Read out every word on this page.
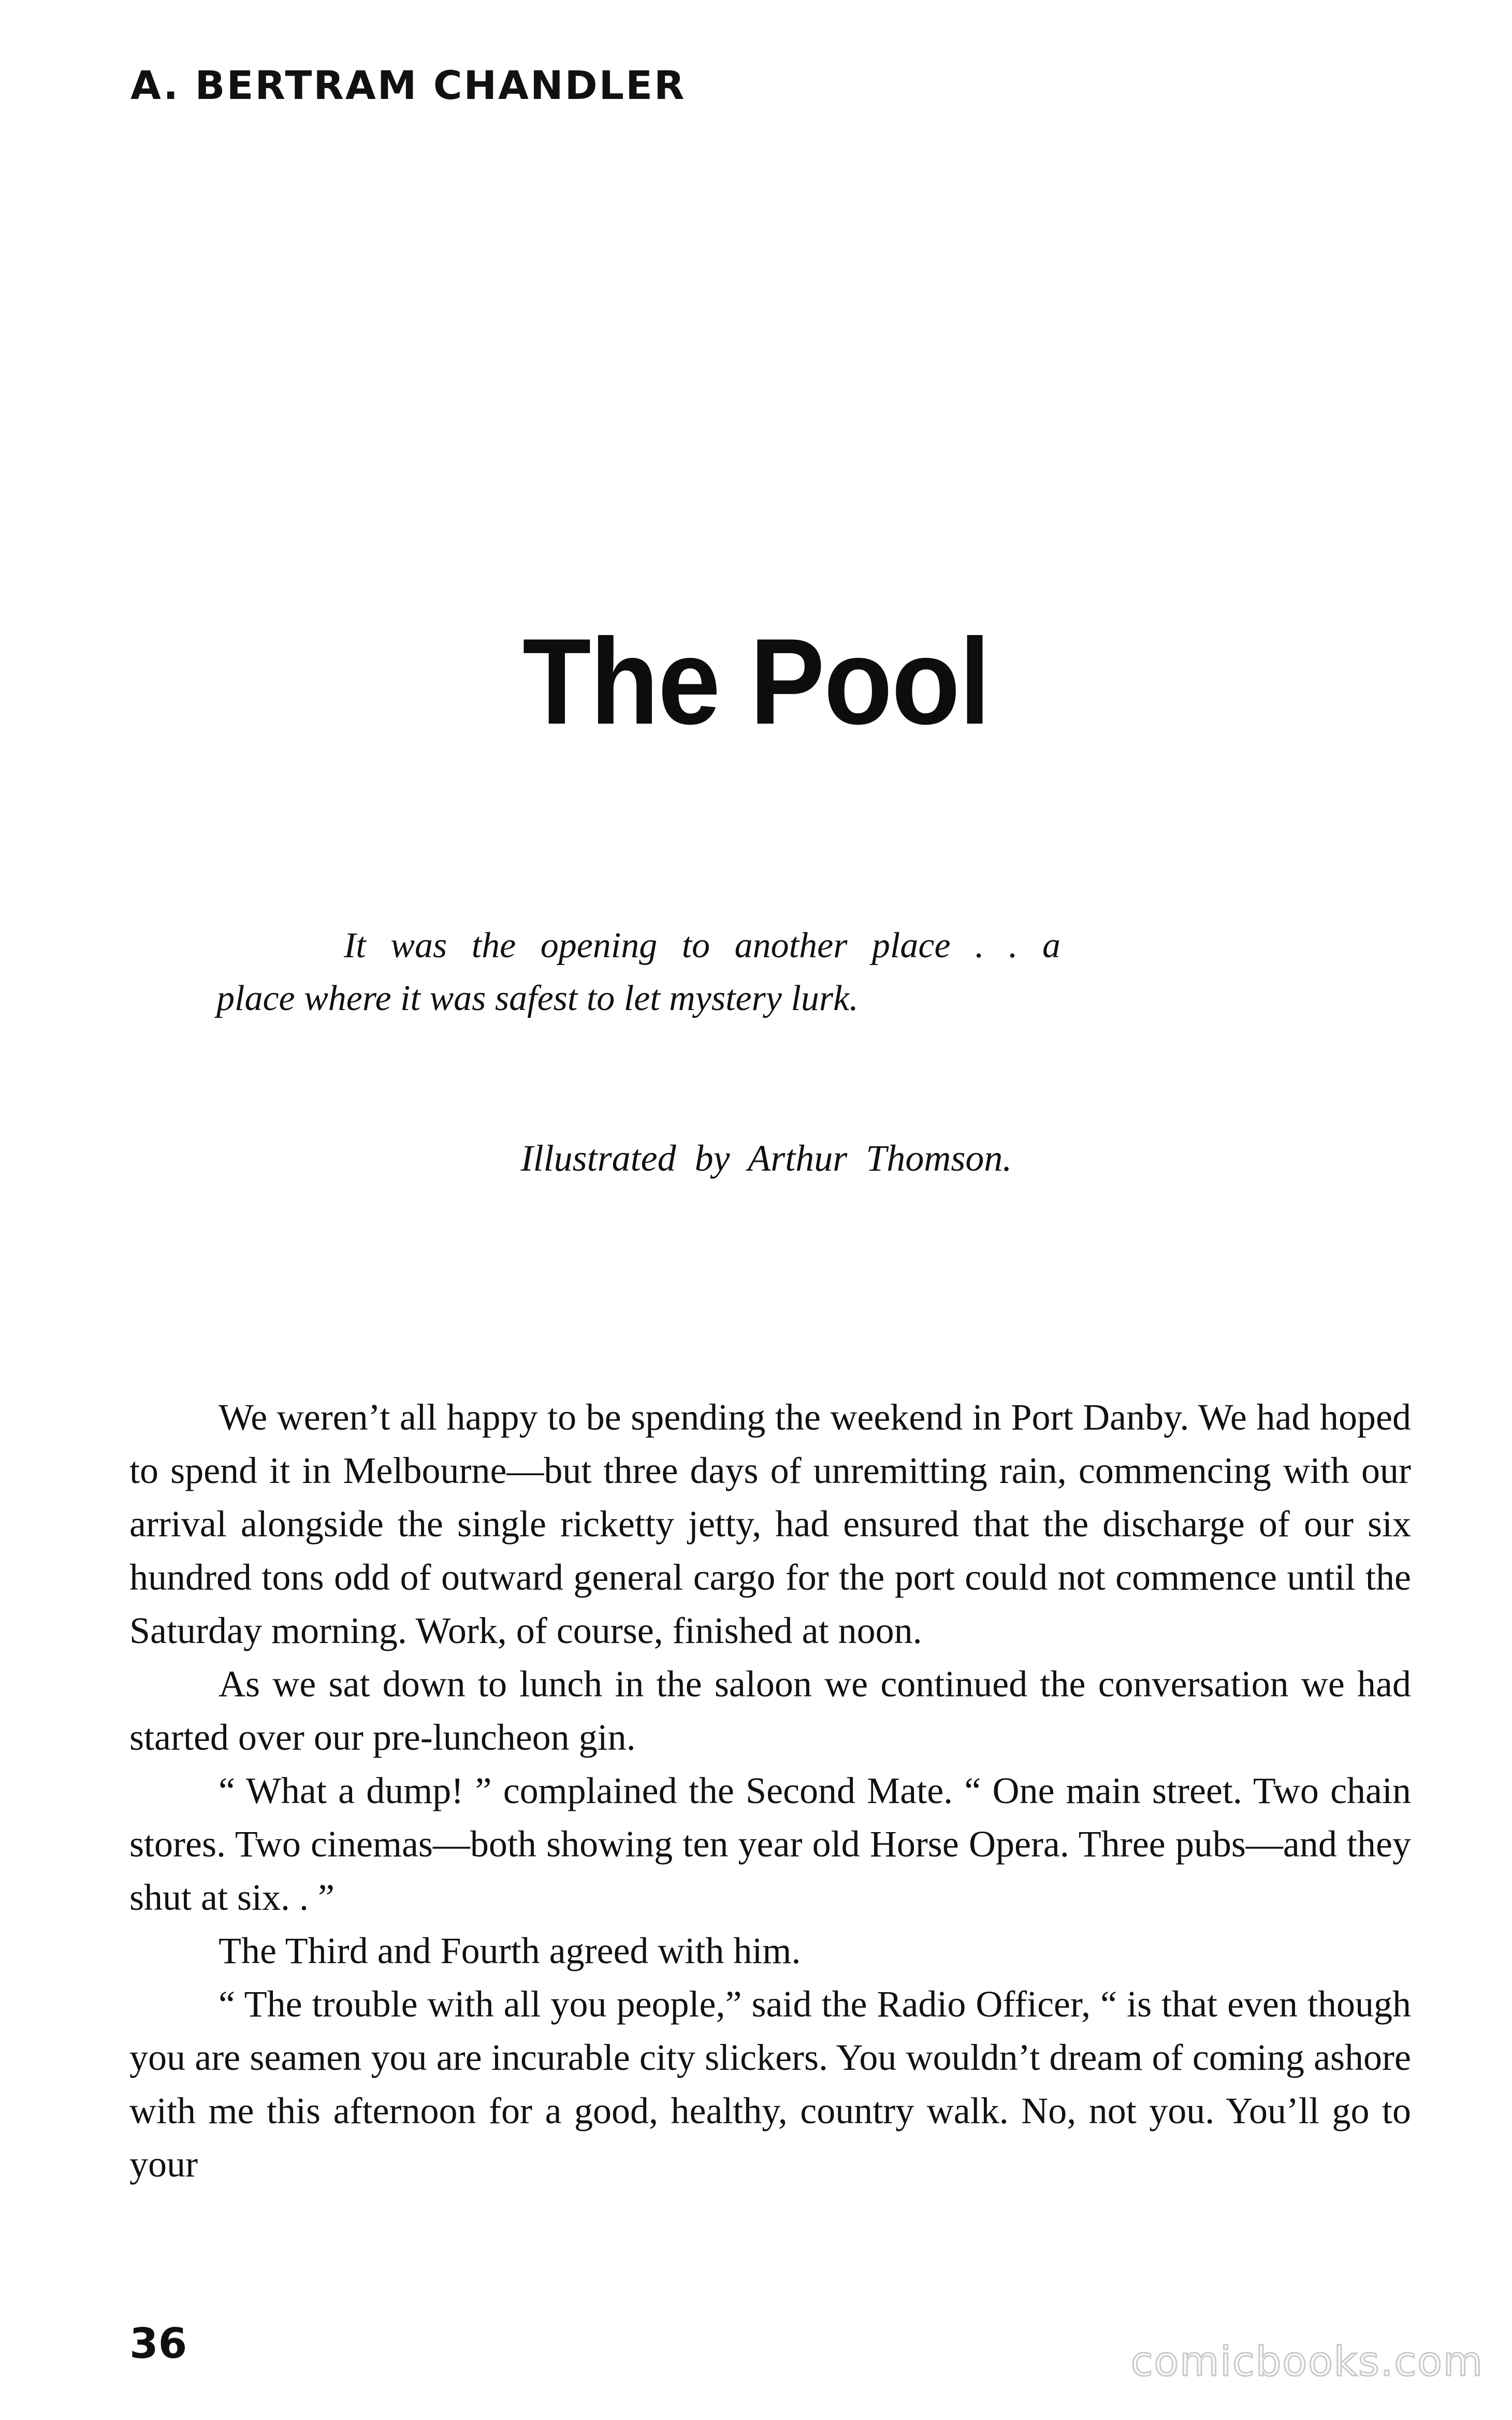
A. BERTRAM CHANDLER
The Pool
It was the opening to another place . . a
place where it was safest to let mystery lurk.
Illustrated by Arthur Thomson.

We weren’t all happy to be spending the weekend in Port Danby. We had hoped to spend it in Melbourne—but three days of unremitting rain, commencing with our arrival alongside the single ricketty jetty, had ensured that the discharge of our six hundred tons odd of outward general cargo for the port could not commence until the Saturday morning. Work, of course, finished at noon.

As we sat down to lunch in the saloon we continued the conversation we had started over our pre-luncheon gin.

“ What a dump! ” complained the Second Mate. “ One main street. Two chain stores. Two cinemas—both showing ten year old Horse Opera. Three pubs—and they shut at six. . ”

The Third and Fourth agreed with him.

“ The trouble with all you people,” said the Radio Officer, “ is that even though you are seamen you are incurable city slickers. You wouldn’t dream of coming ashore with me this afternoon for a good, healthy, country walk. No, not you. You’ll go to your

36	comicbooks.com
